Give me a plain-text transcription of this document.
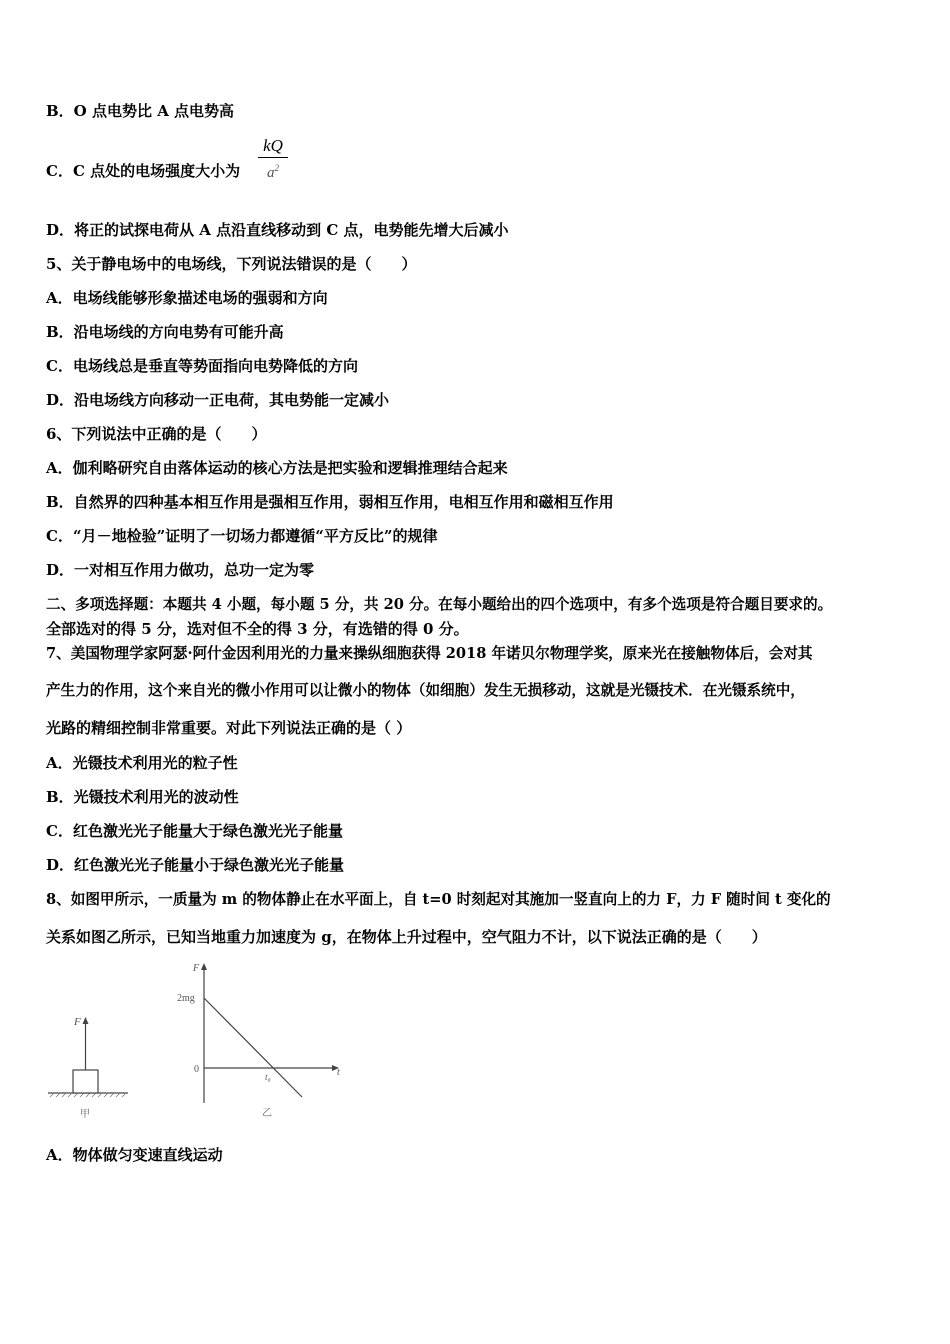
B．O 点电势比 A 点电势高
C．C 点处的电场强度大小为
kQ
$a^2$
D．将正的试探电荷从 A 点沿直线移动到 C 点，电势能先增大后减小
5、关于静电场中的电场线，下列说法错误的是（　　）
A．电场线能够形象描述电场的强弱和方向
B．沿电场线的方向电势有可能升高
C．电场线总是垂直等势面指向电势降低的方向
D．沿电场线方向移动一正电荷，其电势能一定减小
6、下列说法中正确的是（　　）
A．伽利略研究自由落体运动的核心方法是把实验和逻辑推理结合起来
B．自然界的四种基本相互作用是强相互作用，弱相互作用，电相互作用和磁相互作用
C．“月－地检验”证明了一切场力都遵循“平方反比”的规律
D．一对相互作用力做功，总功一定为零
二、多项选择题：本题共 4 小题，每小题 5 分，共 20 分。在每小题给出的四个选项中，有多个选项是符合题目要求的。
全部选对的得 5 分，选对但不全的得 3 分，有选错的得 0 分。
7、美国物理学家阿瑟·阿什金因利用光的力量来操纵细胞获得 2018 年诺贝尔物理学奖，原来光在接触物体后，会对其
产生力的作用，这个来自光的微小作用可以让微小的物体（如细胞）发生无损移动，这就是光镊技术．在光镊系统中，
光路的精细控制非常重要。对此下列说法正确的是（ ）
A．光镊技术利用光的粒子性
B．光镊技术利用光的波动性
C．红色激光光子能量大于绿色激光光子能量
D．红色激光光子能量小于绿色激光光子能量
8、如图甲所示，一质量为 m 的物体静止在水平面上，自 t=0 时刻起对其施加一竖直向上的力 F，力 F 随时间 t 变化的
关系如图乙所示，已知当地重力加速度为 g，在物体上升过程中，空气阻力不计，以下说法正确的是（　　）
F
甲
F
t
2mg
0
t₀
乙
A．物体做匀变速直线运动
